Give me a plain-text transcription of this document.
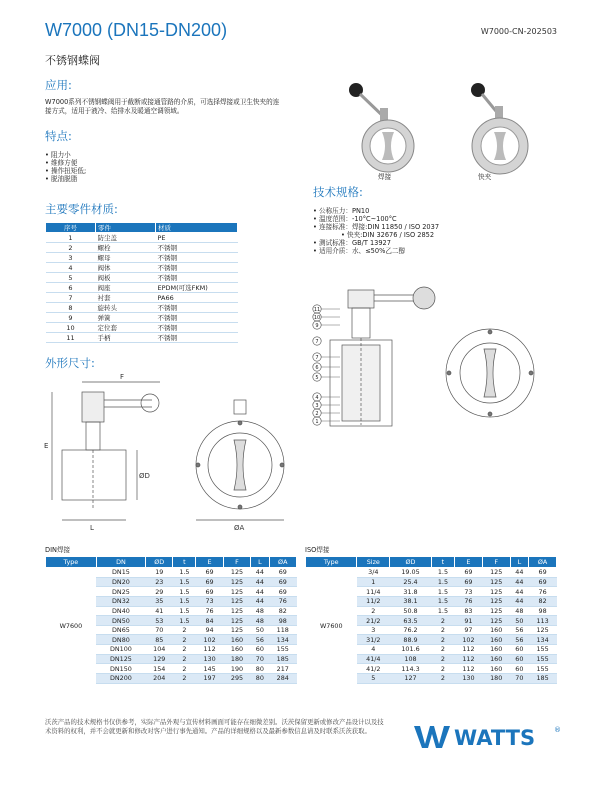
W7000 (DN15-DN200)	W7000-CN-202503
不锈钢蝶阀
应用:
W7000系列不锈钢蝶阀用于截断或接通管路的介质，可选择焊接或卫生快夹的连接方式，适用于液冷、给排水及暖通空调领域。
特点:
• 阻力小
• 维修方便
• 操作扭矩低;
• 脱油脱脂	焊接	快夹
技术规格:
• 公称压力：PN10
• 温度范围：-10°C~100°C
• 连接标准：焊接:DIN 11850 / ISO 2037
• 快夹:DIN 32676 / ISO 2852
• 测试标准：GB/T 13927
• 适用介质：水、≤50%乙二醇
主要零件材质:
序号	零件	材质
1	防尘盖	PE
2	螺栓	不锈钢
3	螺母	不锈钢
4	阀体	不锈钢
5	阀板	不锈钢
6	阀座	EPDM(可选FKM)
7	衬套	PA66
8	旋转头	不锈钢
9	弹簧	不锈钢
10	定位套	不锈钢
11	手柄	不锈钢
11
10
9
7
6
5
4
3
2
1
7
外形尺寸:
F
E
ØD
L	ØA
DIN焊接
Type	DN	ØD	t	E	F	L	ØA
W7600	DN15	19	1.5	69	125	44	69
	DN20	23	1.5	69	125	44	69
	DN25	29	1.5	69	125	44	69
	DN32	35	1.5	73	125	44	76
	DN40	41	1.5	76	125	48	82
	DN50	53	1.5	84	125	48	98
	DN65	70	2	94	125	50	118
	DN80	85	2	102	160	56	134
	DN100	104	2	112	160	60	155
	DN125	129	2	130	180	70	185
	DN150	154	2	145	190	80	217
	DN200	204	2	197	295	80	284
ISO焊接
Type	Size	ØD	t	E	F	L	ØA
W7600	3/4	19.05	1.5	69	125	44	69
	1	25.4	1.5	69	125	44	69
	11/4	31.8	1.5	73	125	44	76
	11/2	38.1	1.5	76	125	44	82
	2	50.8	1.5	83	125	48	98
	21/2	63.5	2	91	125	50	113
	3	76.2	2	97	160	56	125
	31/2	88.9	2	102	160	56	134
	4	101.6	2	112	160	60	155
	41/4	108	2	112	160	60	155
	41/2	114.3	2	112	160	60	155
	5	127	2	130	180	70	185
沃茨产品的技术规格书仅供参考，实际产品外观与宣传材料画面可能存在细微差别。沃茨保留更新或修改产品设计以及技术资料的权利，并不会就更新和修改对客户进行事先通知。产品的详细规格以及最新参数信息请及时联系沃茨获取。	WATTS	®
